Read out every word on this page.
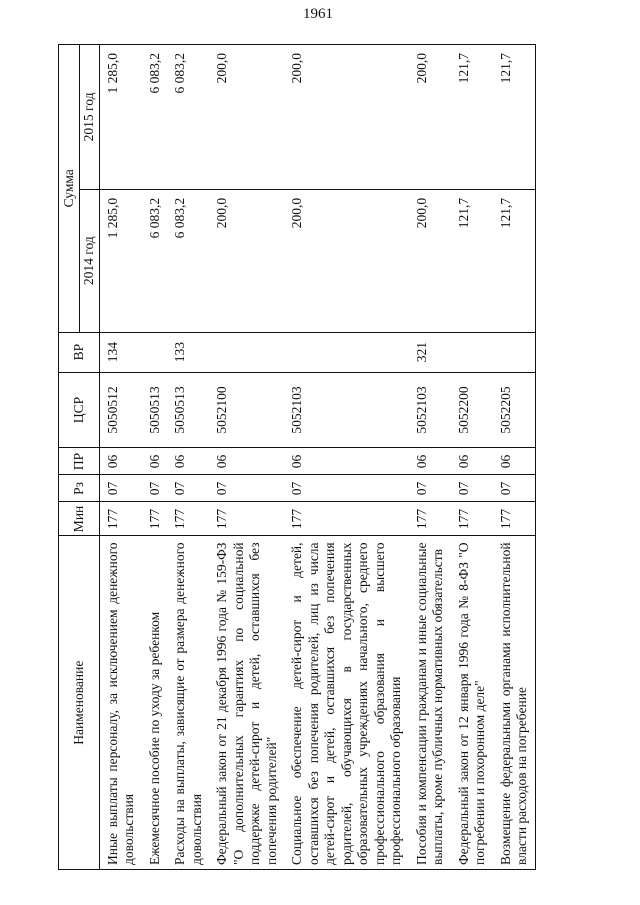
1961
Наименование	Мин	Рз	ПР	ЦСР	ВР	Сумма	
						2014 год	2015 год
Иные выплаты персоналу, за исключением денежного довольствия	177	07	06	5050512	134	1 285,0	1 285,0
Ежемесячное пособие по уходу за ребенком	177	07	06	5050513		6 083,2	6 083,2
Расходы на выплаты, зависящие от размера денежного довольствия	177	07	06	5050513	133	6 083,2	6 083,2
Федеральный закон от 21 декабря 1996 года № 159-ФЗ "О дополнительных гарантиях по социальной поддержке детей-сирот и детей, оставшихся без попечения родителей"	177	07	06	5052100		200,0	200,0
Социальное обеспечение детей-сирот и детей, оставшихся без попечения родителей, лиц из числа детей-сирот и детей, оставшихся без попечения родителей, обучающихся в государственных образовательных учреждениях начального, среднего профессионального образования и высшего профессионального образования	177	07	06	5052103		200,0	200,0
Пособия и компенсации гражданам и иные социальные выплаты, кроме публичных нормативных обязательств	177	07	06	5052103	321	200,0	200,0
Федеральный закон от 12 января 1996 года № 8-ФЗ "О погребении и похоронном деле"	177	07	06	5052200		121,7	121,7
Возмещение федеральными органами исполнительной власти расходов на погребение	177	07	06	5052205		121,7	121,7
